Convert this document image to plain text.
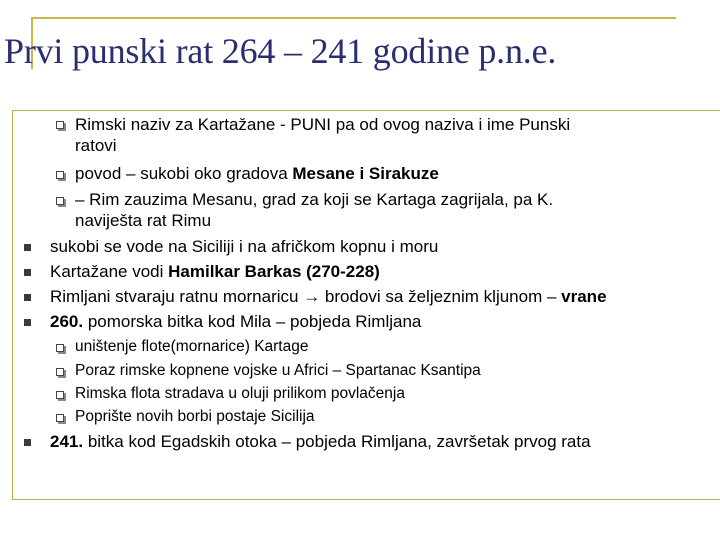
Prvi punski rat 264 – 241 godine p.n.e.
Rimski naziv za Kartažane - PUNI pa od ovog naziva i ime Punski
ratovi
povod – sukobi oko gradova Mesane i Sirakuze
– Rim zauzima Mesanu, grad za koji se Kartaga zagrijala, pa K.
naviješta rat Rimu
sukobi se vode na Siciliji i na afričkom kopnu i moru
Kartažane vodi Hamilkar Barkas (270-228)
Rimljani stvaraju ratnu mornaricu → brodovi sa željeznim kljunom – vrane
260. pomorska bitka kod Mila – pobjeda Rimljana
uništenje flote(mornarice) Kartage
Poraz rimske kopnene vojske u Africi – Spartanac Ksantipa
Rimska flota stradava u oluji prilikom povlačenja
Poprište novih borbi postaje Sicilija
241. bitka kod Egadskih otoka – pobjeda Rimljana, završetak prvog rata
